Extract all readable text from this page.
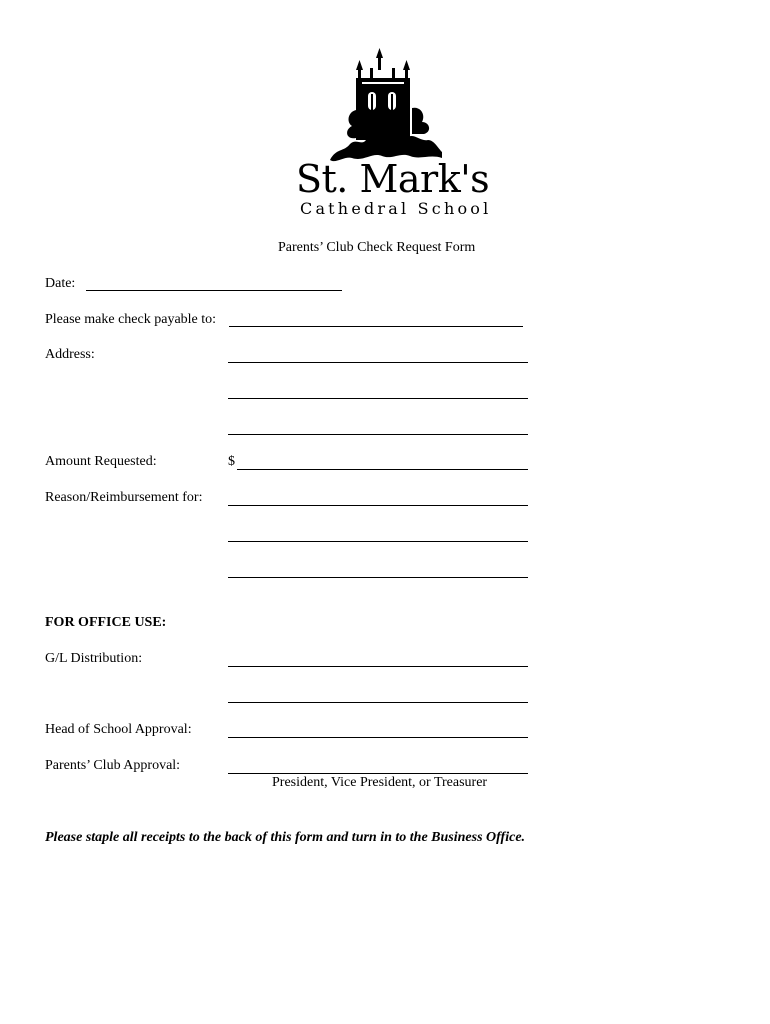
St. Mark's
Cathedral School
Parents’ Club Check Request Form
Date:
Please make check payable to:
Address:
Amount Requested:	$
Reason/Reimbursement for:
FOR OFFICE USE:
G/L Distribution:
Head of School Approval:
Parents’ Club Approval:
President, Vice President, or Treasurer
Please staple all receipts to the back of this form and turn in to the Business Office.
